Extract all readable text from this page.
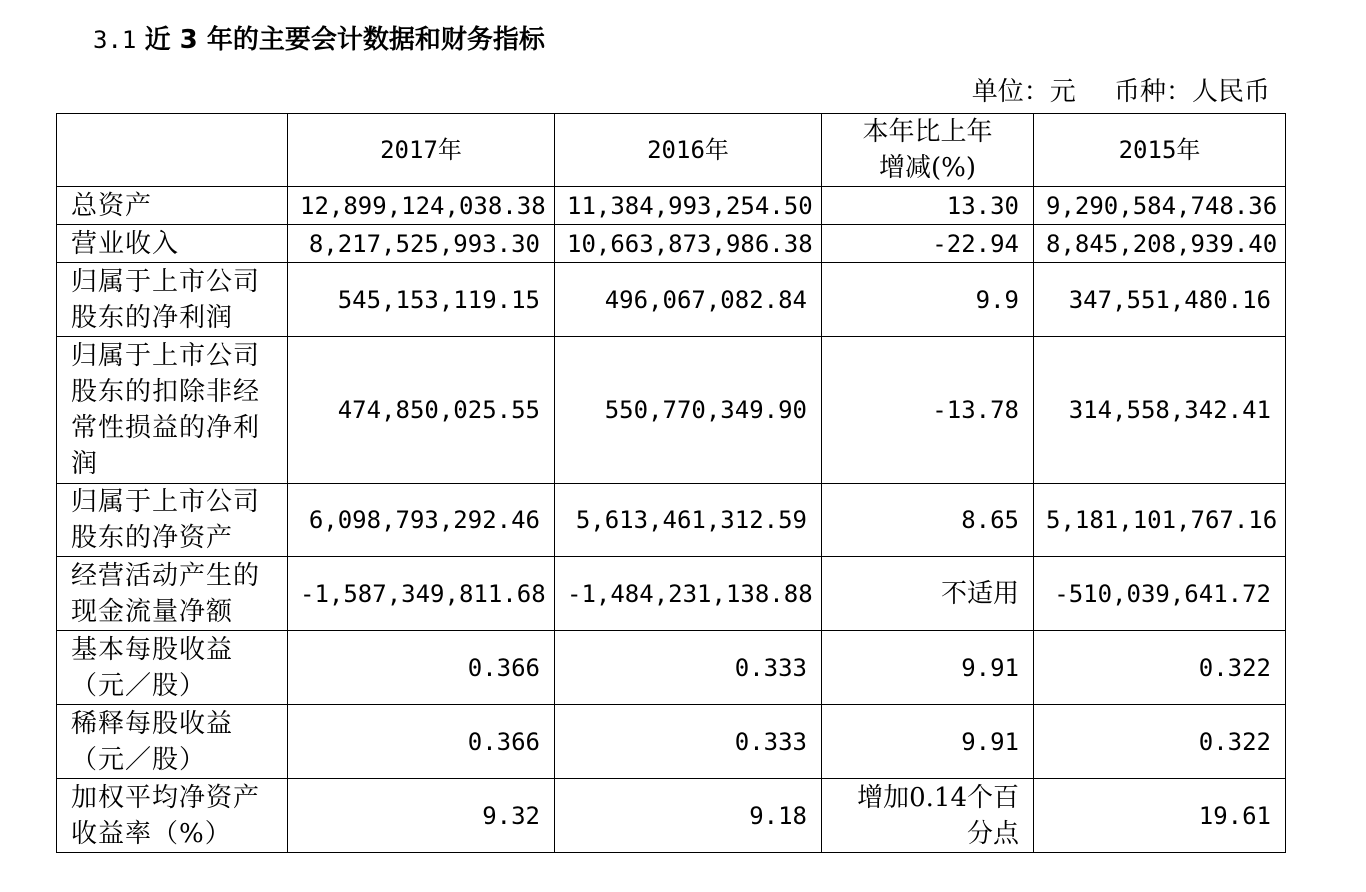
3.1 近 3 年的主要会计数据和财务指标
单位：元 币种：人民币
	2017年	2016年	本年比上年增减(%)	2015年
总资产	12,899,124,038.38	11,384,993,254.50	13.30	9,290,584,748.36
营业收入	8,217,525,993.30	10,663,873,986.38	-22.94	8,845,208,939.40
归属于上市公司股东的净利润	545,153,119.15	496,067,082.84	9.9	347,551,480.16
归属于上市公司股东的扣除非经常性损益的净利润	474,850,025.55	550,770,349.90	-13.78	314,558,342.41
归属于上市公司股东的净资产	6,098,793,292.46	5,613,461,312.59	8.65	5,181,101,767.16
经营活动产生的现金流量净额	-1,587,349,811.68	-1,484,231,138.88	不适用	-510,039,641.72
基本每股收益（元／股）	0.366	0.333	9.91	0.322
稀释每股收益（元／股）	0.366	0.333	9.91	0.322
加权平均净资产收益率（%）	9.32	9.18	增加0.14个百分点	19.61
